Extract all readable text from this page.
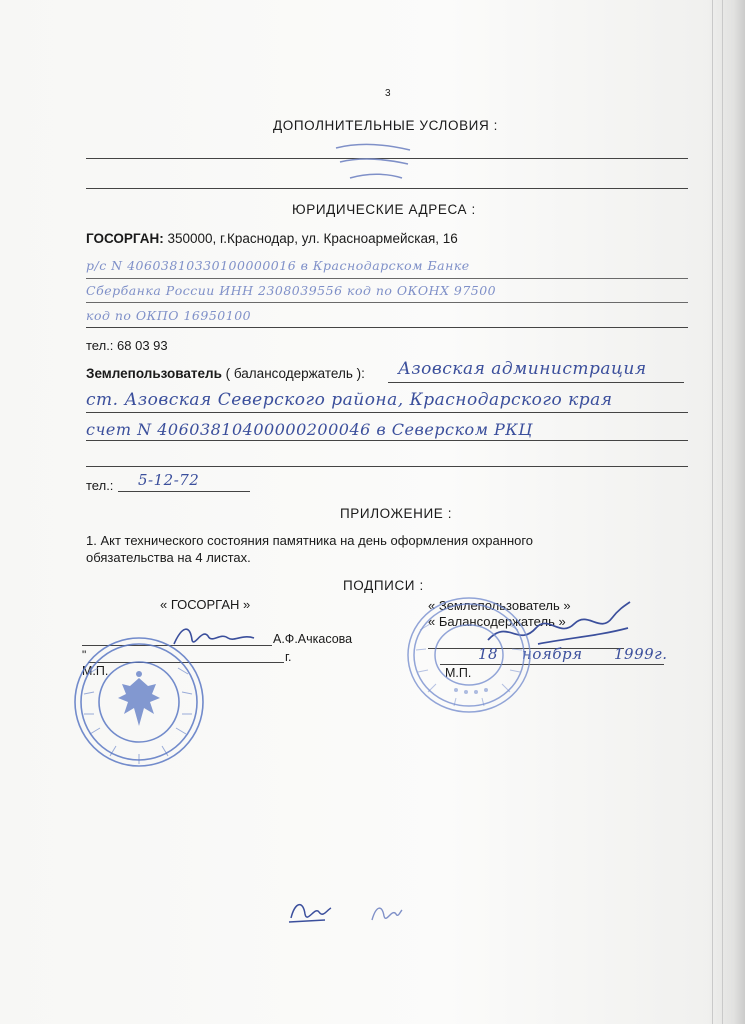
3
ДОПОЛНИТЕЛЬНЫЕ УСЛОВИЯ :
ЮРИДИЧЕСКИЕ АДРЕСА :
ГОСОРГАН: 350000, г.Краснодар, ул. Красноармейская, 16
р/с N 40603810330100000016 в Краснодарском Банке
Сбербанка России ИНН 2308039556 код по ОКОНХ 97500
код по ОКПО 16950100
тел.: 68 03 93
Землепользователь ( балансодержатель ): Азовская администрация
ст. Азовская Северского района, Краснодарского края
счет N 40603810400000200046 в Северском РКЦ
тел.: 5-12-72
ПРИЛОЖЕНИЕ :
1. Акт технического состояния памятника на день оформления охранного
обязательства на 4 листах.
ПОДПИСИ :
« ГОСОРГАН »	« Землепользователь »
« Балансодержатель »
А.Ф.Ачкасова
"	г.
М.П.
18 ноября 1999г.
М.П.
